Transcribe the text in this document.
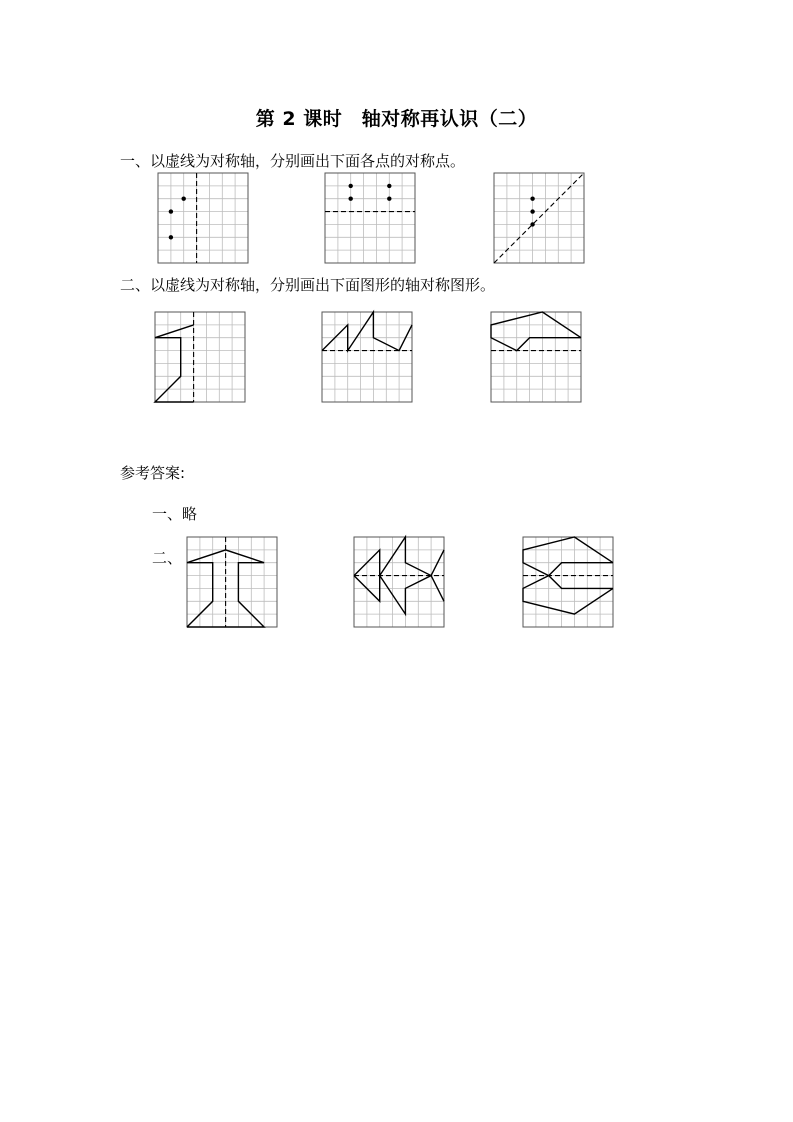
第 2 课时　轴对称再认识（二）
一、以虚线为对称轴，分别画出下面各点的对称点。
二、以虚线为对称轴，分别画出下面图形的轴对称图形。
参考答案:
一、略
二、
